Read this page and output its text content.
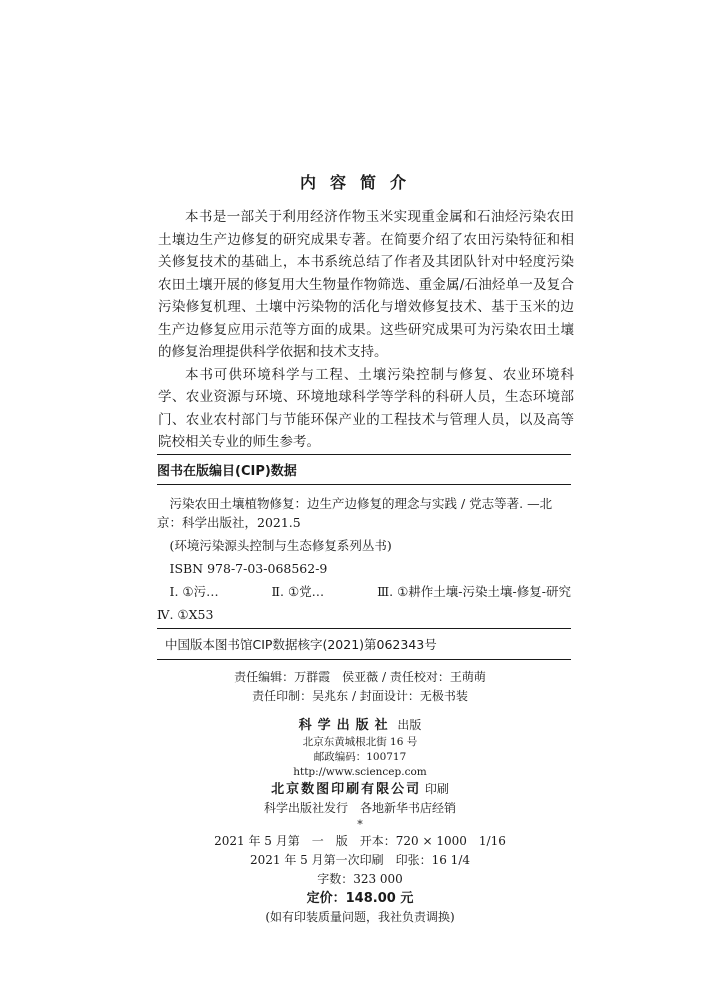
内容简介

本书是一部关于利用经济作物玉米实现重金属和石油烃污染农田土壤边生产边修复的研究成果专著。在简要介绍了农田污染特征和相关修复技术的基础上，本书系统总结了作者及其团队针对中轻度污染农田土壤开展的修复用大生物量作物筛选、重金属/石油烃单一及复合污染修复机理、土壤中污染物的活化与增效修复技术、基于玉米的边生产边修复应用示范等方面的成果。这些研究成果可为污染农田土壤的修复治理提供科学依据和技术支持。

本书可供环境科学与工程、土壤污染控制与修复、农业环境科学、农业资源与环境、环境地球科学等学科的科研人员，生态环境部门、农业农村部门与节能环保产业的工程技术与管理人员，以及高等院校相关专业的师生参考。

图书在版编目(CIP)数据
污染农田土壤植物修复：边生产边修复的理念与实践 / 党志等著. —北京：科学出版社，2021.5
(环境污染源头控制与生态修复系列丛书)
ISBN 978-7-03-068562-9
Ⅰ. ①污…	Ⅱ. ①党…	Ⅲ. ①耕作土壤-污染土壤-修复-研究
Ⅳ. ①X53
中国版本图书馆CIP数据核字(2021)第062343号
责任编辑：万群霞　侯亚薇 / 责任校对：王萌萌
责任印制：吴兆东 / 封面设计：无极书装
科学出版社 出版
北京东黄城根北街 16 号
邮政编码：100717
http://www.sciencep.com
北京数图印刷有限公司 印刷
科学出版社发行　各地新华书店经销
*
2021 年 5 月第　一　版　开本：720 × 1000　1/16
2021 年 5 月第一次印刷　印张：16 1/4
字数：323 000
定价：148.00 元
(如有印装质量问题，我社负责调换)
